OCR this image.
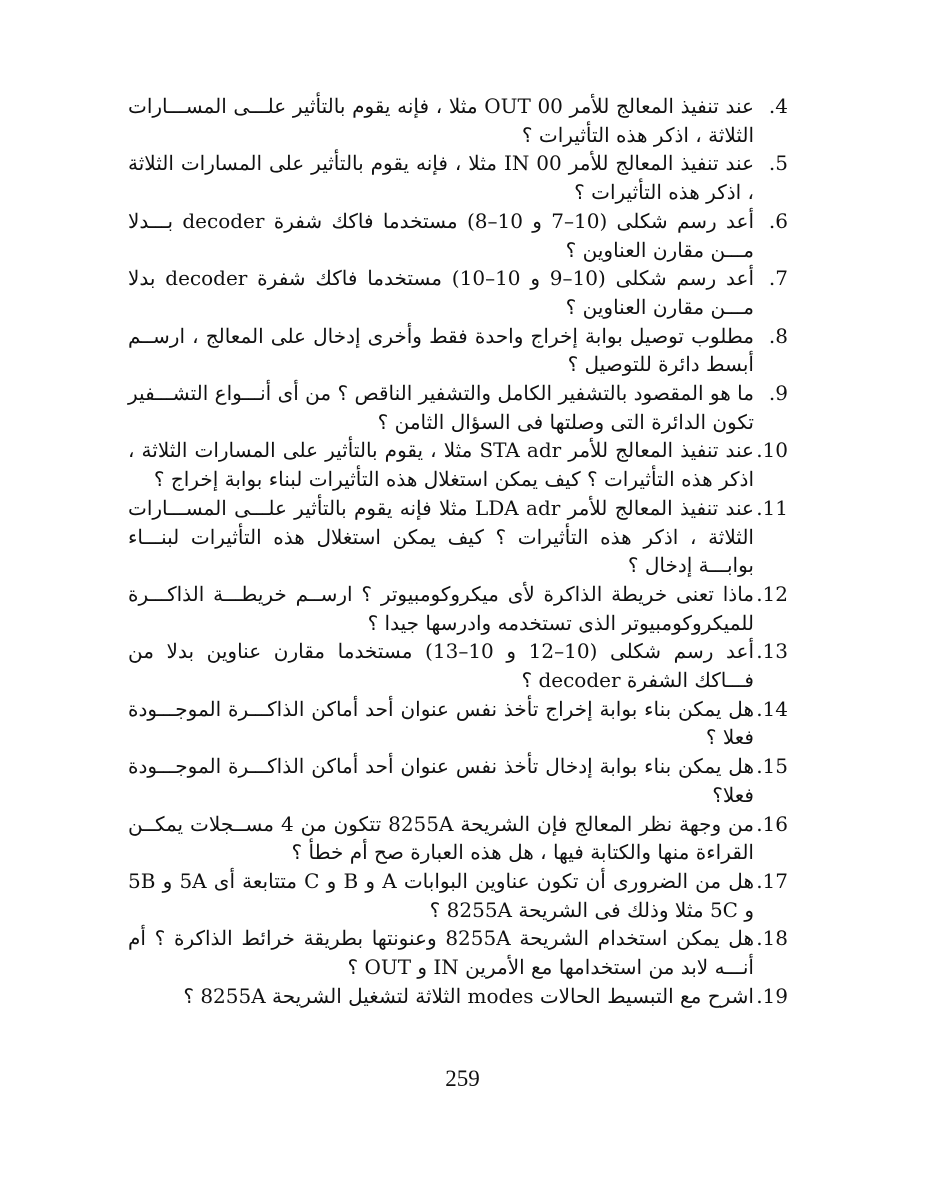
4.
عند تنفيذ المعالج للأمر OUT 00 مثلا ، فإنه يقوم بالتأثير علـــى المســـارات الثلاثة ، اذكر هذه التأثيرات ؟
5.
عند تنفيذ المعالج للأمر IN 00 مثلا ، فإنه يقوم بالتأثير على المسارات الثلاثة ، اذكر هذه التأثيرات ؟
6.
أعد رسم شكلى (10–7 و 10–8) مستخدما فاكك شفرة decoder بـــدلا مـــن مقارن العناوين ؟
7.
أعد رسم شكلى (10–9 و 10–10) مستخدما فاكك شفرة decoder بدلا مـــن مقارن العناوين ؟
8.
مطلوب توصيل بوابة إخراج واحدة فقط وأخرى إدخال على المعالج ، ارســم أبسط دائرة للتوصيل ؟
9.
ما هو المقصود بالتشفير الكامل والتشفير الناقص ؟ من أى أنـــواع التشـــفير تكون الدائرة التى وصلتها فى السؤال الثامن ؟
10.
عند تنفيذ المعالج للأمر STA adr مثلا ، يقوم بالتأثير على المسارات الثلاثة ، اذكر هذه التأثيرات ؟ كيف يمكن استغلال هذه التأثيرات لبناء بوابة إخراج ؟
11.
عند تنفيذ المعالج للأمر LDA adr مثلا فإنه يقوم بالتأثير علـــى المســـارات الثلاثة ، اذكر هذه التأثيرات ؟ كيف يمكن استغلال هذه التأثيرات لبنـــاء بوابـــة إدخال ؟
12.
ماذا تعنى خريطة الذاكرة لأى ميكروكومبيوتر ؟ ارســم خريطـــة الذاكـــرة للميكروكومبيوتر الذى تستخدمه وادرسها جيدا ؟
13.
أعد رسم شكلى (10–12 و 10–13) مستخدما مقارن عناوين بدلا من فـــاكك الشفرة decoder ؟
14.
هل يمكن بناء بوابة إخراج تأخذ نفس عنوان أحد أماكن الذاكـــرة الموجـــودة فعلا ؟
15.
هل يمكن بناء بوابة إدخال تأخذ نفس عنوان أحد أماكن الذاكـــرة الموجـــودة فعلا؟
16.
من وجهة نظر المعالج فإن الشريحة 8255A تتكون من 4 مســجلات يمكــن القراءة منها والكتابة فيها ، هل هذه العبارة صح أم خطأ ؟
17.
هل من الضرورى أن تكون عناوين البوابات A و B و C متتابعة أى 5A و 5B و 5C مثلا وذلك فى الشريحة 8255A ؟
18.
هل يمكن استخدام الشريحة 8255A وعنونتها بطريقة خرائط الذاكرة ؟ أم أنـــه لابد من استخدامها مع الأمرين IN و OUT ؟
19.
اشرح مع التبسيط الحالات modes الثلاثة لتشغيل الشريحة 8255A ؟
259
